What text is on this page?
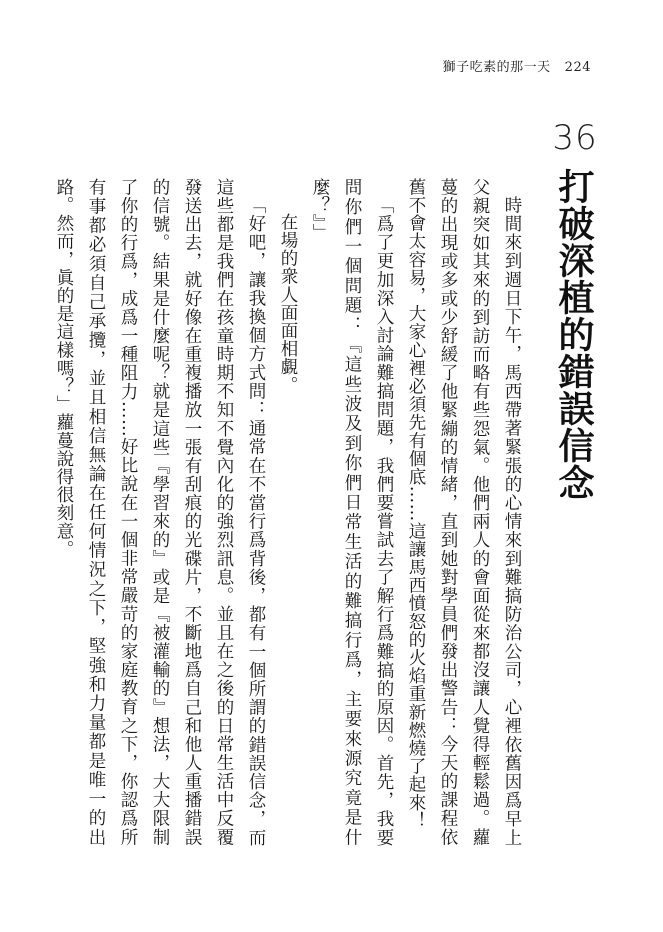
獅子吃素的那一天 224
36
打破深植的錯誤信念

時間來到週日下午，馬西帶著緊張的心情來到難搞防治公司，心裡依舊因爲早上父親突如其來的到訪而略有些怨氣。他們兩人的會面從來都沒讓人覺得輕鬆過。蘿蔓的出現或多或少舒緩了他緊繃的情緒，直到她對學員們發出警告：今天的課程依舊不會太容易，大家心裡必須先有個底……這讓馬西憤怒的火焰重新燃燒了起來！

「爲了更加深入討論難搞問題，我們要嘗試去了解行爲難搞的原因。首先，我要問你們一個問題：『這些波及到你們日常生活的難搞行爲，主要來源究竟是什麼？』」

在場的衆人面面相覷。

「好吧，讓我換個方式問：通常在不當行爲背後，都有一個所謂的錯誤信念，而這些都是我們在孩童時期不知不覺內化的強烈訊息。並且在之後的日常生活中反覆發送出去，就好像在重複播放一張有刮痕的光碟片，不斷地爲自己和他人重播錯誤的信號。結果是什麼呢？就是這些『學習來的』或是『被灌輸的』想法，大大限制了你的行爲，成爲一種阻力……好比說在一個非常嚴苛的家庭教育之下，你認爲所有事都必須自己承攬，並且相信無論在任何情況之下，堅強和力量都是唯一的出路。然而，眞的是這樣嗎？」蘿蔓說得很刻意。
